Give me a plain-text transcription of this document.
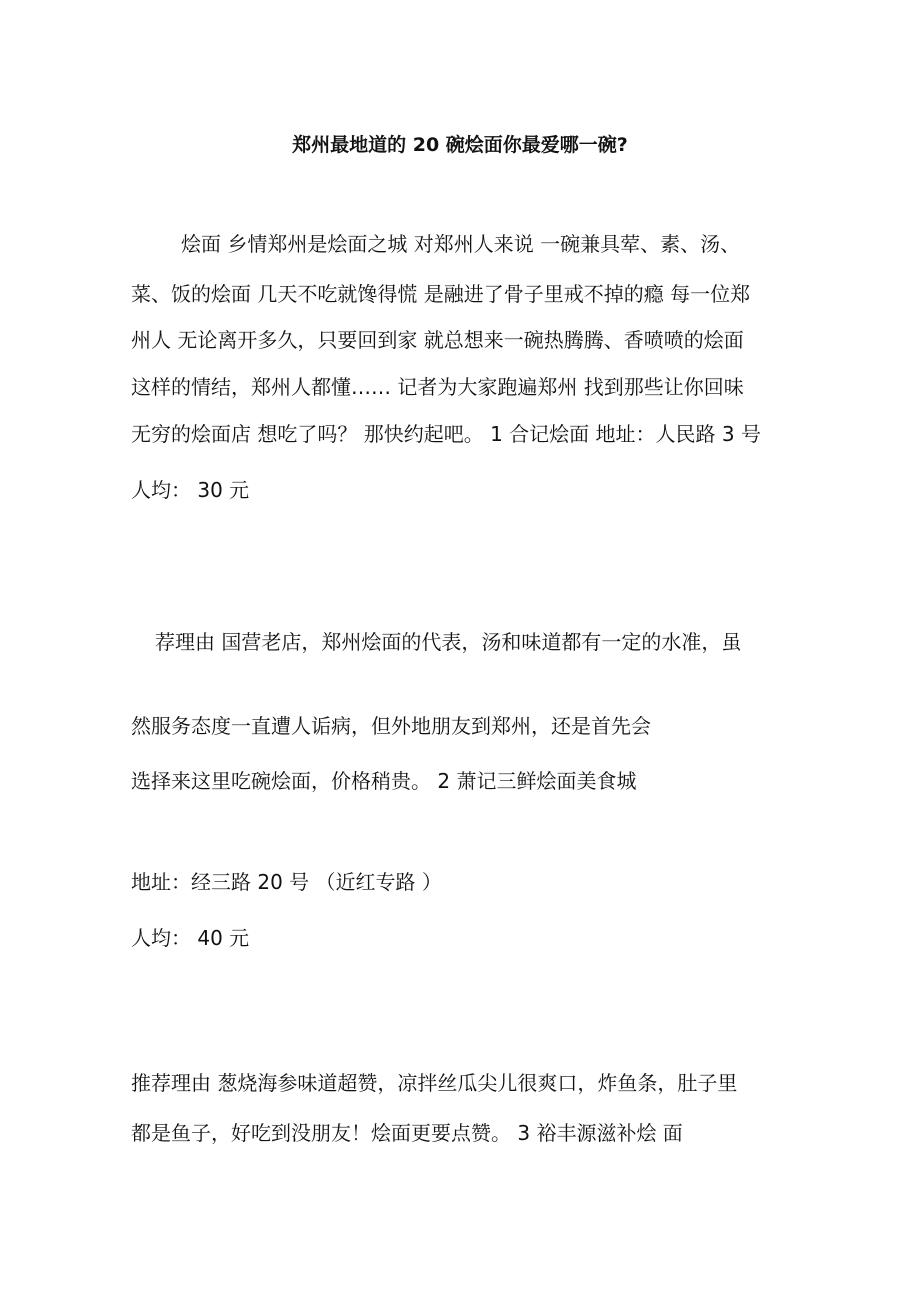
郑州最地道的 20 碗烩面你最爱哪一碗?

烩面 乡情郑州是烩面之城 对郑州人来说 一碗兼具荤、素、汤、

菜、饭的烩面 几天不吃就馋得慌 是融进了骨子里戒不掉的瘾 每一位郑

州人 无论离开多久，只要回到家 就总想来一碗热腾腾、香喷喷的烩面

这样的情结，郑州人都懂…… 记者为大家跑遍郑州 找到那些让你回味

无穷的烩面店 想吃了吗？ 那快约起吧。 1 合记烩面 地址：人民路 3 号

人均： 30 元

荐理由 国营老店，郑州烩面的代表，汤和味道都有一定的水准，虽

然服务态度一直遭人诟病，但外地朋友到郑州，还是首先会

选择来这里吃碗烩面，价格稍贵。 2 萧记三鲜烩面美食城

地址：经三路 20 号 （近红专路 ）

人均： 40 元

推荐理由 葱烧海参味道超赞，凉拌丝瓜尖儿很爽口，炸鱼条，肚子里

都是鱼子，好吃到没朋友！烩面更要点赞。 3 裕丰源滋补烩 面
